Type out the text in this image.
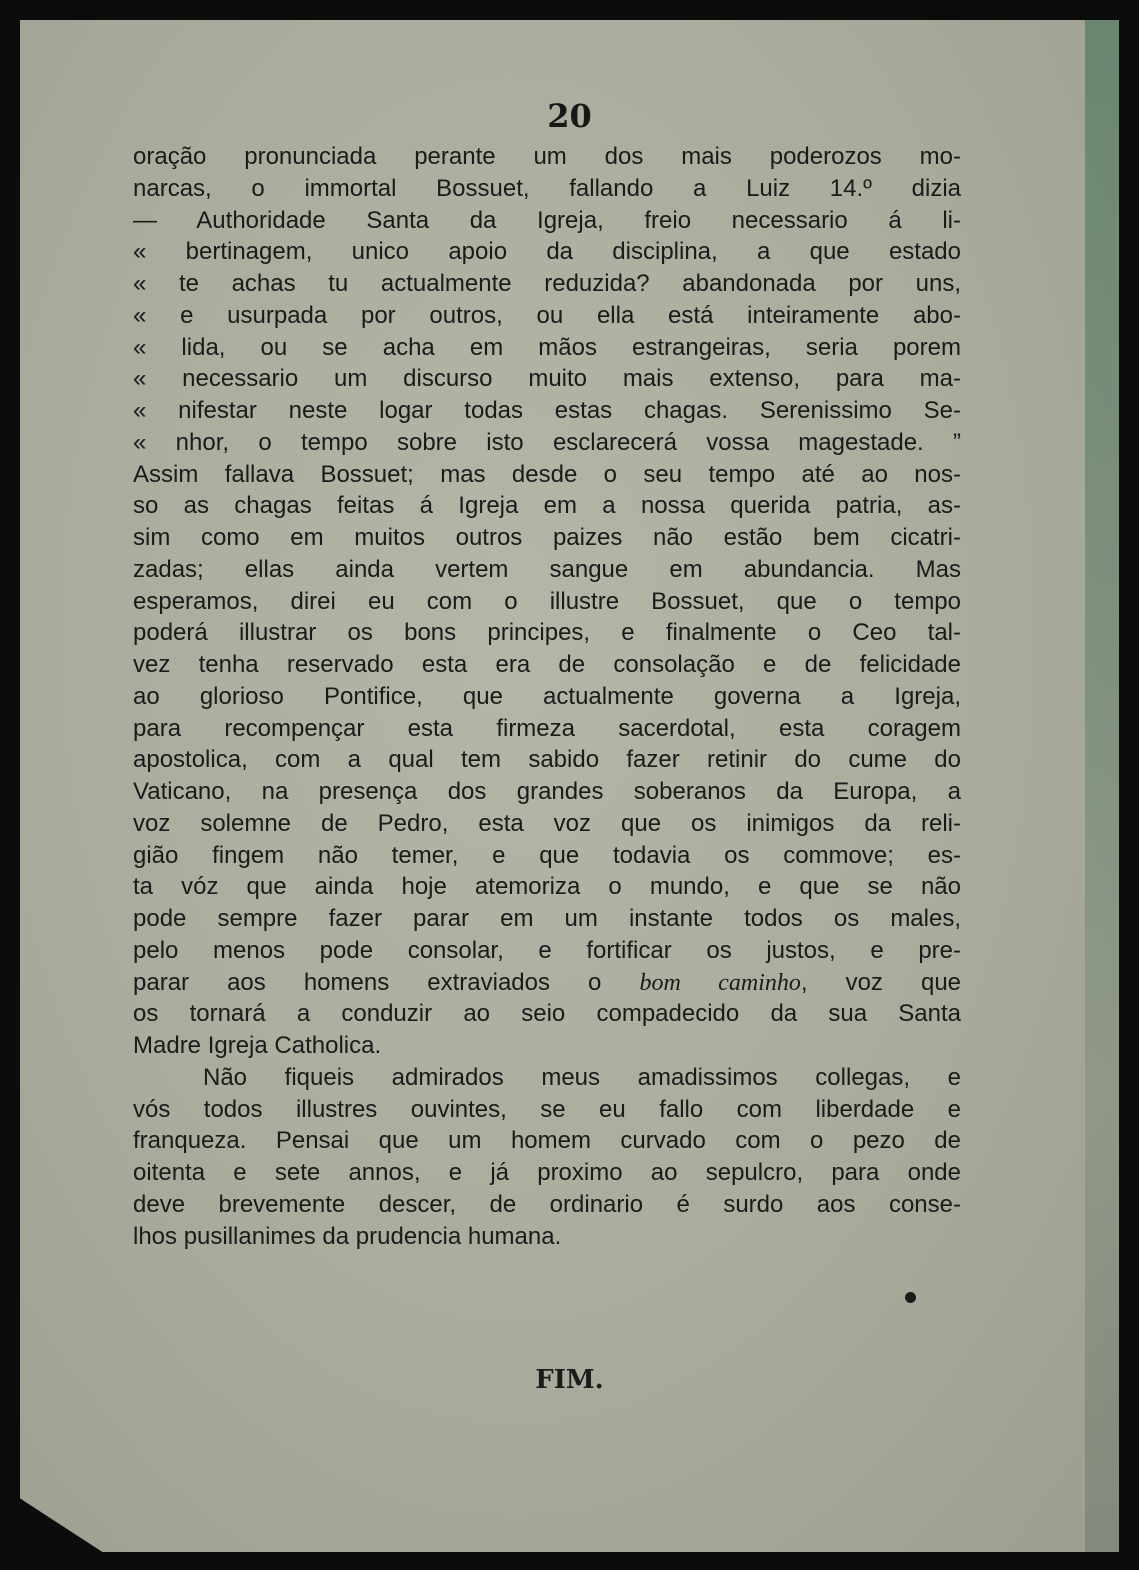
20
oração pronunciada perante um dos mais poderozos mo-
narcas, o immortal Bossuet, fallando a Luiz 14.º dizia
— Authoridade Santa da Igreja, freio necessario á li-
« bertinagem, unico apoio da disciplina, a que estado
« te achas tu actualmente reduzida? abandonada por uns,
« e usurpada por outros, ou ella está inteiramente abo-
« lida, ou se acha em mãos estrangeiras, seria porem
« necessario um discurso muito mais extenso, para ma-
« nifestar neste logar todas estas chagas. Serenissimo Se-
« nhor, o tempo sobre isto esclarecerá vossa magestade. ”
Assim fallava Bossuet; mas desde o seu tempo até ao nos-
so as chagas feitas á Igreja em a nossa querida patria, as-
sim como em muitos outros paizes não estão bem cicatri-
zadas; ellas ainda vertem sangue em abundancia. Mas
esperamos, direi eu com o illustre Bossuet, que o tempo
poderá illustrar os bons principes, e finalmente o Ceo tal-
vez tenha reservado esta era de consolação e de felicidade
ao glorioso Pontifice, que actualmente governa a Igreja,
para recompençar esta firmeza sacerdotal, esta coragem
apostolica, com a qual tem sabido fazer retinir do cume do
Vaticano, na presença dos grandes soberanos da Europa, a
voz solemne de Pedro, esta voz que os inimigos da reli-
gião fingem não temer, e que todavia os commove; es-
ta vóz que ainda hoje atemoriza o mundo, e que se não
pode sempre fazer parar em um instante todos os males,
pelo menos pode consolar, e fortificar os justos, e pre-
parar aos homens extraviados o bom caminho, voz que
os tornará a conduzir ao seio compadecido da sua Santa
Madre Igreja Catholica.
Não fiqueis admirados meus amadissimos collegas, e
vós todos illustres ouvintes, se eu fallo com liberdade e
franqueza. Pensai que um homem curvado com o pezo de
oitenta e sete annos, e já proximo ao sepulcro, para onde
deve brevemente descer, de ordinario é surdo aos conse-
lhos pusillanimes da prudencia humana.
FIM.
